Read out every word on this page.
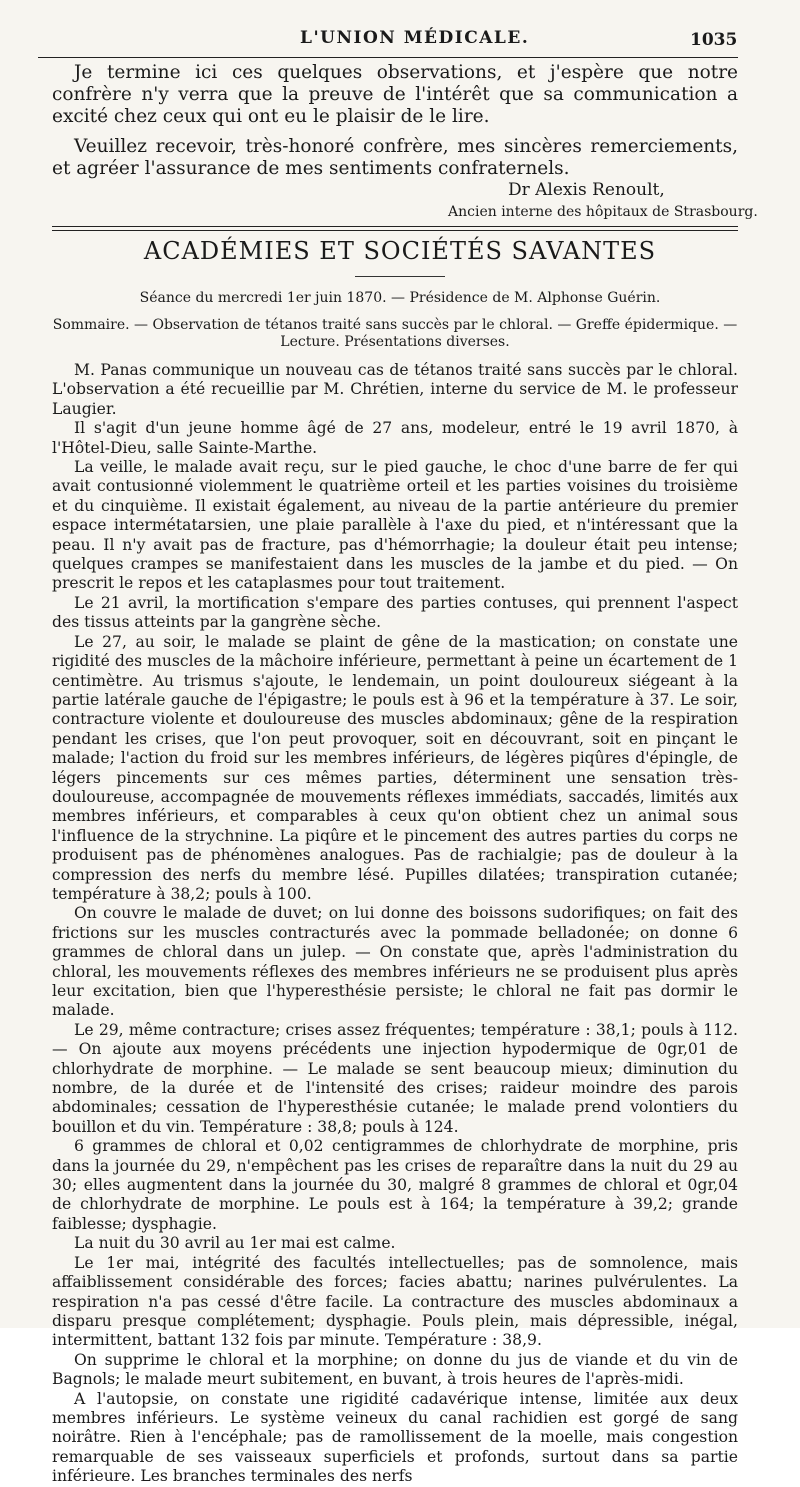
L'UNION MÉDICALE.	1035

Je termine ici ces quelques observations, et j'espère que notre confrère n'y verra que la preuve de l'intérêt que sa communication a excité chez ceux qui ont eu le plaisir de le lire.

Veuillez recevoir, très-honoré confrère, mes sincères remerciements, et agréer l'assurance de mes sentiments confraternels.

Dr Alexis Renoult,
Ancien interne des hôpitaux de Strasbourg.
ACADÉMIES ET SOCIÉTÉS SAVANTES
Séance du mercredi 1er juin 1870. — Présidence de M. Alphonse Guérin.
Sommaire. — Observation de tétanos traité sans succès par le chloral. — Greffe épidermique. — Lecture. Présentations diverses.

M. Panas communique un nouveau cas de tétanos traité sans succès par le chloral. L'observation a été recueillie par M. Chrétien, interne du service de M. le professeur Laugier.

Il s'agit d'un jeune homme âgé de 27 ans, modeleur, entré le 19 avril 1870, à l'Hôtel-Dieu, salle Sainte-Marthe.

La veille, le malade avait reçu, sur le pied gauche, le choc d'une barre de fer qui avait contusionné violemment le quatrième orteil et les parties voisines du troisième et du cinquième. Il existait également, au niveau de la partie antérieure du premier espace intermétatarsien, une plaie parallèle à l'axe du pied, et n'intéressant que la peau. Il n'y avait pas de fracture, pas d'hémorrhagie; la douleur était peu intense; quelques crampes se manifestaient dans les muscles de la jambe et du pied. — On prescrit le repos et les cataplasmes pour tout traitement.

Le 21 avril, la mortification s'empare des parties contuses, qui prennent l'aspect des tissus atteints par la gangrène sèche.

Le 27, au soir, le malade se plaint de gêne de la mastication; on constate une rigidité des muscles de la mâchoire inférieure, permettant à peine un écartement de 1 centimètre. Au trismus s'ajoute, le lendemain, un point douloureux siégeant à la partie latérale gauche de l'épigastre; le pouls est à 96 et la température à 37. Le soir, contracture violente et douloureuse des muscles abdominaux; gêne de la respiration pendant les crises, que l'on peut provoquer, soit en découvrant, soit en pinçant le malade; l'action du froid sur les membres inférieurs, de légères piqûres d'épingle, de légers pincements sur ces mêmes parties, déterminent une sensation très-douloureuse, accompagnée de mouvements réflexes immédiats, saccadés, limités aux membres inférieurs, et comparables à ceux qu'on obtient chez un animal sous l'influence de la strychnine. La piqûre et le pincement des autres parties du corps ne produisent pas de phénomènes analogues. Pas de rachialgie; pas de douleur à la compression des nerfs du membre lésé. Pupilles dilatées; transpiration cutanée; température à 38,2; pouls à 100.

On couvre le malade de duvet; on lui donne des boissons sudorifiques; on fait des frictions sur les muscles contracturés avec la pommade belladonée; on donne 6 grammes de chloral dans un julep. — On constate que, après l'administration du chloral, les mouvements réflexes des membres inférieurs ne se produisent plus après leur excitation, bien que l'hyperesthésie persiste; le chloral ne fait pas dormir le malade.

Le 29, même contracture; crises assez fréquentes; température : 38,1; pouls à 112. — On ajoute aux moyens précédents une injection hypodermique de 0gr,01 de chlorhydrate de morphine. — Le malade se sent beaucoup mieux; diminution du nombre, de la durée et de l'intensité des crises; raideur moindre des parois abdominales; cessation de l'hyperesthésie cutanée; le malade prend volontiers du bouillon et du vin. Température : 38,8; pouls à 124.

6 grammes de chloral et 0,02 centigrammes de chlorhydrate de morphine, pris dans la journée du 29, n'empêchent pas les crises de reparaître dans la nuit du 29 au 30; elles augmentent dans la journée du 30, malgré 8 grammes de chloral et 0gr,04 de chlorhydrate de morphine. Le pouls est à 164; la température à 39,2; grande faiblesse; dysphagie.

La nuit du 30 avril au 1er mai est calme.

Le 1er mai, intégrité des facultés intellectuelles; pas de somnolence, mais affaiblissement considérable des forces; facies abattu; narines pulvérulentes. La respiration n'a pas cessé d'être facile. La contracture des muscles abdominaux a disparu presque complétement; dysphagie. Pouls plein, mais dépressible, inégal, intermittent, battant 132 fois par minute. Température : 38,9.

On supprime le chloral et la morphine; on donne du jus de viande et du vin de Bagnols; le malade meurt subitement, en buvant, à trois heures de l'après-midi.

A l'autopsie, on constate une rigidité cadavérique intense, limitée aux deux membres inférieurs. Le système veineux du canal rachidien est gorgé de sang noirâtre. Rien à l'encéphale; pas de ramollissement de la moelle, mais congestion remarquable de ses vaisseaux superficiels et profonds, surtout dans sa partie inférieure. Les branches terminales des nerfs
